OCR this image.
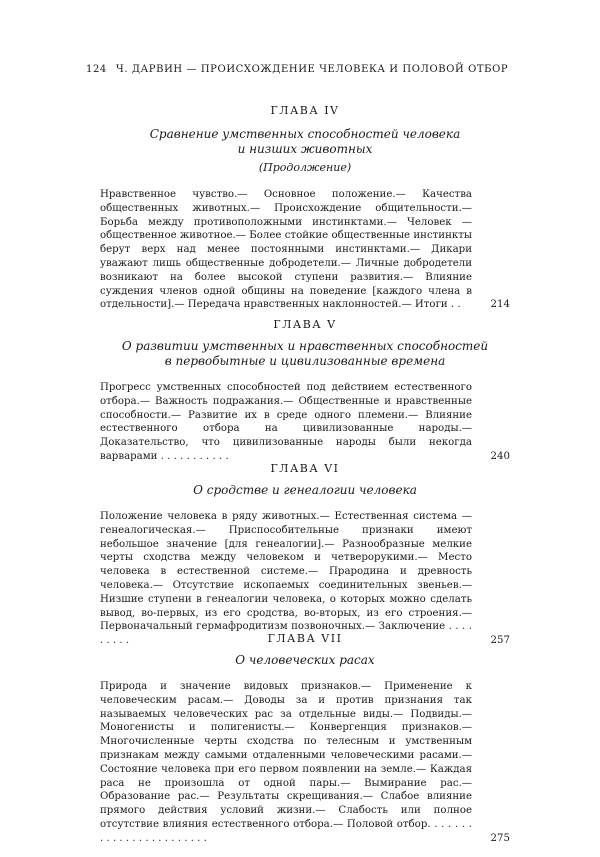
124 Ч. ДАРВИН — ПРОИСХОЖДЕНИЕ ЧЕЛОВЕКА И ПОЛОВОЙ ОТБОР

ГЛАВА IV

Сравнение умственных способностей человека

и низших животных

(Продолжение)

Нравственное чувство.— Основное положение.— Качества общественных животных.— Происхождение общительности.— Борьба между противоположными инстинктами.— Человек — общественное животное.— Более стойкие общественные инстинкты берут верх над менее постоянными инстинктами.— Дикари уважают лишь общественные добродетели.— Личные добродетели возникают на более высокой ступени развития.— Влияние суждения членов одной общины на поведение [каждого члена в отдельности].— Передача нравственных наклонностей.— Итоги . .	214

ГЛАВА V

О развитии умственных и нравственных способностей

в первобытные и цивилизованные времена

Прогресс умственных способностей под действием естественного отбора.— Важность подражания.— Общественные и нравственные способности.— Развитие их в среде одного племени.— Влияние естественного отбора на цивилизованные народы.— Доказательство, что цивилизованные народы были некогда варварами . . . . . . . . . . .	240

ГЛАВА VI

О сродстве и генеалогии человека

Положение человека в ряду животных.— Естественная система — генеалогическая.— Приспособительные признаки имеют небольшое значение [для генеалогии].— Разнообразные мелкие черты сходства между человеком и четверорукими.— Место человека в естественной системе.— Прародина и древность человека.— Отсутствие ископаемых соединительных звеньев.— Низшие ступени в генеалогии человека, о которых можно сделать вывод, во-первых, из его сродства, во-вторых, из его строения.— Первоначальный гермафродитизм позвоночных.— Заключение . . . . . . . . .	257

ГЛАВА VII

О человеческих расах

Природа и значение видовых признаков.— Применение к человеческим расам.— Доводы за и против признания так называемых человеческих рас за отдельные виды.— Подвиды.— Моногенисты и полигенисты.— Конвергенция признаков.— Многочисленные черты сходства по телесным и умственным признакам между самыми отдаленными человеческими расами.— Состояние человека при его первом появлении на земле.— Каждая раса не произошла от одной пары.— Вымирание рас.— Образование рас.— Результаты скрещивания.— Слабое влияние прямого действия условий жизни.— Слабость или полное отсутствие влияния естественного отбора.— Половой отбор. . . . . . . . . . . . . . . . . . . . . . . .	275
